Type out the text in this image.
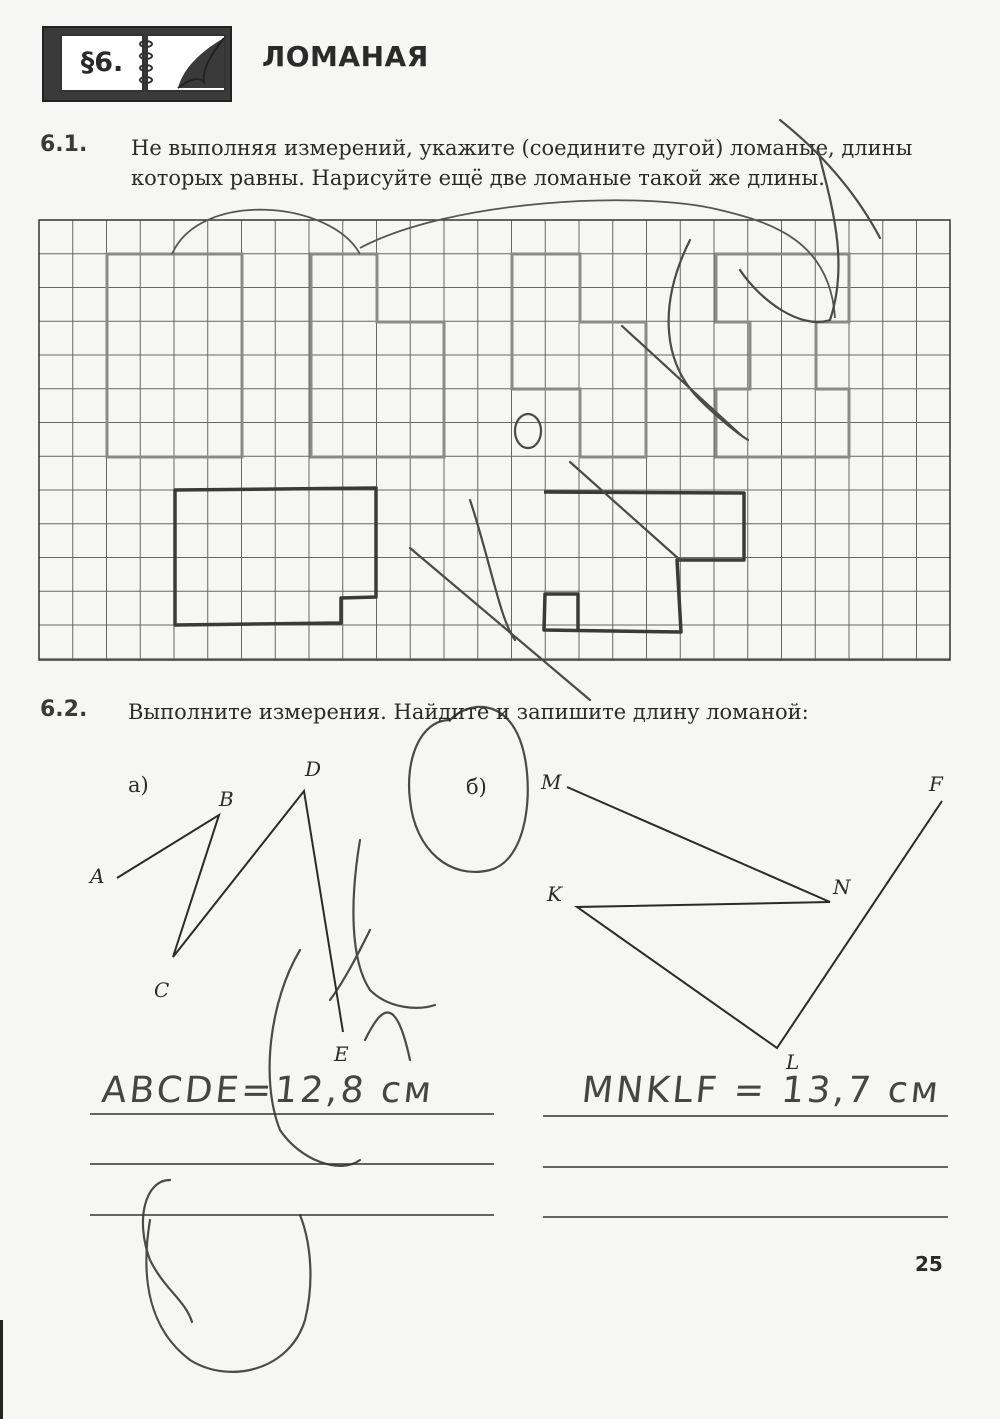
§6.	ЛОМАНАЯ
6.1. Не выполняя измерений, укажите (соедините дугой) ломаные, длины
которых равны. Нарисуйте ещё две ломаные такой же длины.
6.2. Выполните измерения. Найдите и запишите длину ломаной:
а)	б)
A
B
C
D
E
M
N
K
L
F
ABCDE=12,8 см	MNKLF = 13,7 см
25
